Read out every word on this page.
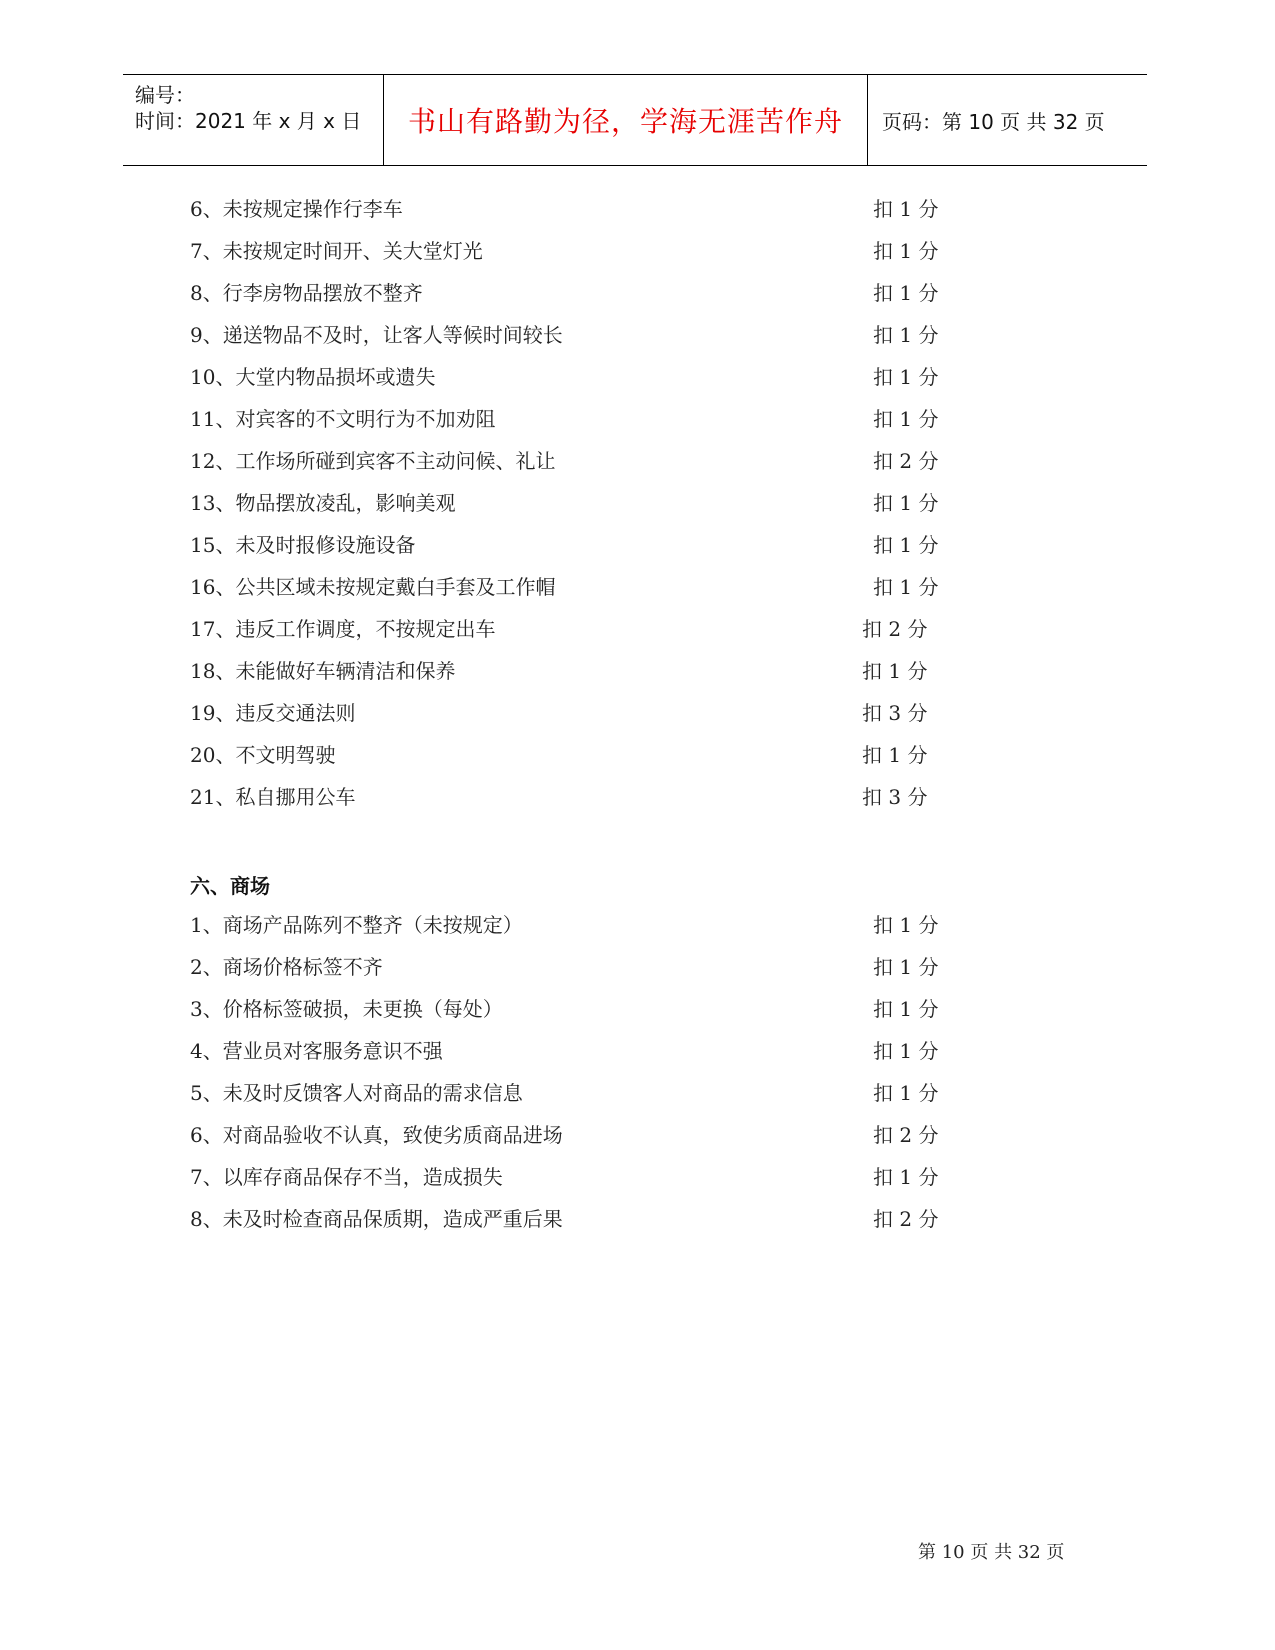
编号：
时间：2021 年 x 月 x 日 书山有路勤为径，学海无涯苦作舟 页码：第 10 页 共 32 页
6、未按规定操作行李车	扣 1 分
7、未按规定时间开、关大堂灯光	扣 1 分
8、行李房物品摆放不整齐	扣 1 分
9、递送物品不及时，让客人等候时间较长	扣 1 分
10、大堂内物品损坏或遗失	扣 1 分
11、对宾客的不文明行为不加劝阻	扣 1 分
12、工作场所碰到宾客不主动问候、礼让	扣 2 分
13、物品摆放凌乱，影响美观	扣 1 分
15、未及时报修设施设备	扣 1 分
16、公共区域未按规定戴白手套及工作帽	扣 1 分
17、违反工作调度，不按规定出车	扣 2 分
18、未能做好车辆清洁和保养	扣 1 分
19、违反交通法则	扣 3 分
20、不文明驾驶	扣 1 分
21、私自挪用公车	扣 3 分
六、商场
1、商场产品陈列不整齐（未按规定）	扣 1 分
2、商场价格标签不齐	扣 1 分
3、价格标签破损，未更换（每处）	扣 1 分
4、营业员对客服务意识不强	扣 1 分
5、未及时反馈客人对商品的需求信息	扣 1 分
6、对商品验收不认真，致使劣质商品进场	扣 2 分
7、以库存商品保存不当，造成损失	扣 1 分
8、未及时检查商品保质期，造成严重后果	扣 2 分
第 10 页 共 32 页
